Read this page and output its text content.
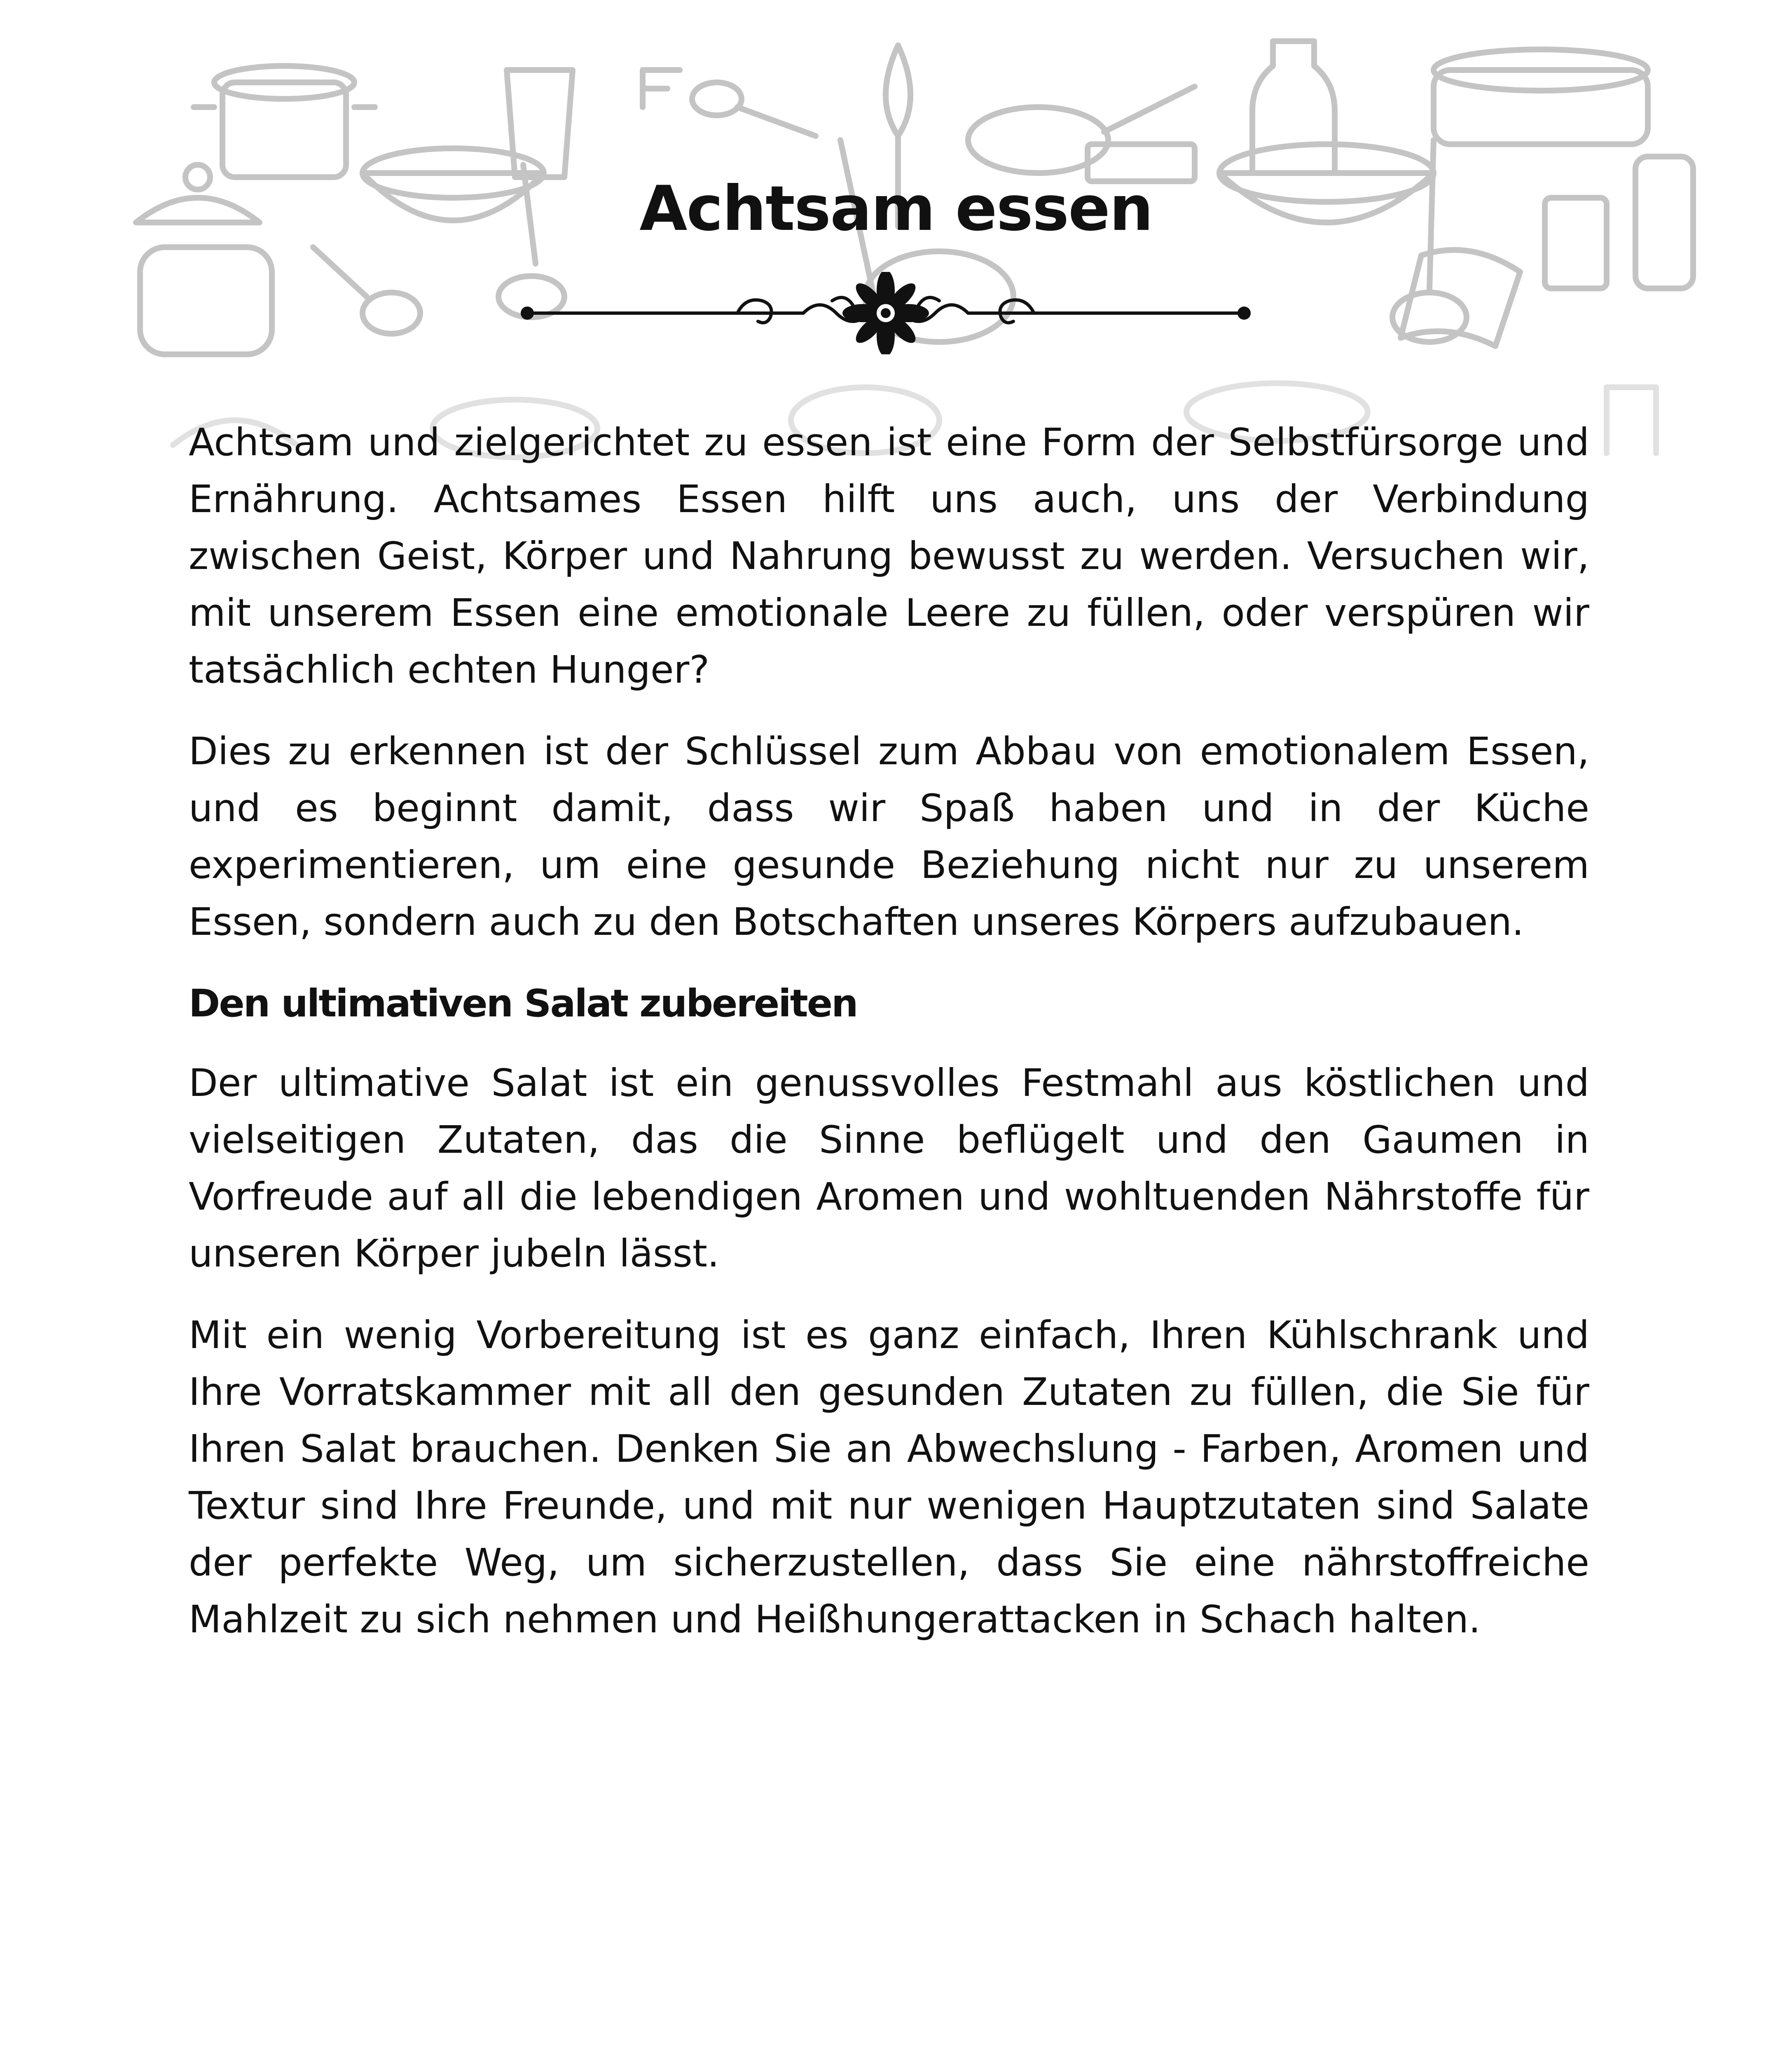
Achtsam essen

Achtsam und zielgerichtet zu essen ist eine Form der Selbstfürsorge und Ernährung. Achtsames Essen hilft uns auch, uns der Verbindung zwischen Geist, Körper und Nahrung bewusst zu werden. Versuchen wir, mit unserem Essen eine emotionale Leere zu füllen, oder verspüren wir tatsächlich echten Hunger?

Dies zu erkennen ist der Schlüssel zum Abbau von emotionalem Essen, und es beginnt damit, dass wir Spaß haben und in der Küche experimentieren, um eine gesunde Beziehung nicht nur zu unserem Essen, sondern auch zu den Botschaften unseres Körpers aufzubauen.

Den ultimativen Salat zubereiten

Der ultimative Salat ist ein genussvolles Festmahl aus köstlichen und vielseitigen Zutaten, das die Sinne beflügelt und den Gaumen in Vorfreude auf all die lebendigen Aromen und wohltuenden Nährstoffe für unseren Körper jubeln lässt.

Mit ein wenig Vorbereitung ist es ganz einfach, Ihren Kühlschrank und Ihre Vorratskammer mit all den gesunden Zutaten zu füllen, die Sie für Ihren Salat brauchen. Denken Sie an Abwechslung - Farben, Aromen und Textur sind Ihre Freunde, und mit nur wenigen Hauptzutaten sind Salate der perfekte Weg, um sicherzustellen, dass Sie eine nährstoffreiche Mahlzeit zu sich nehmen und Heißhungerattacken in Schach halten.
